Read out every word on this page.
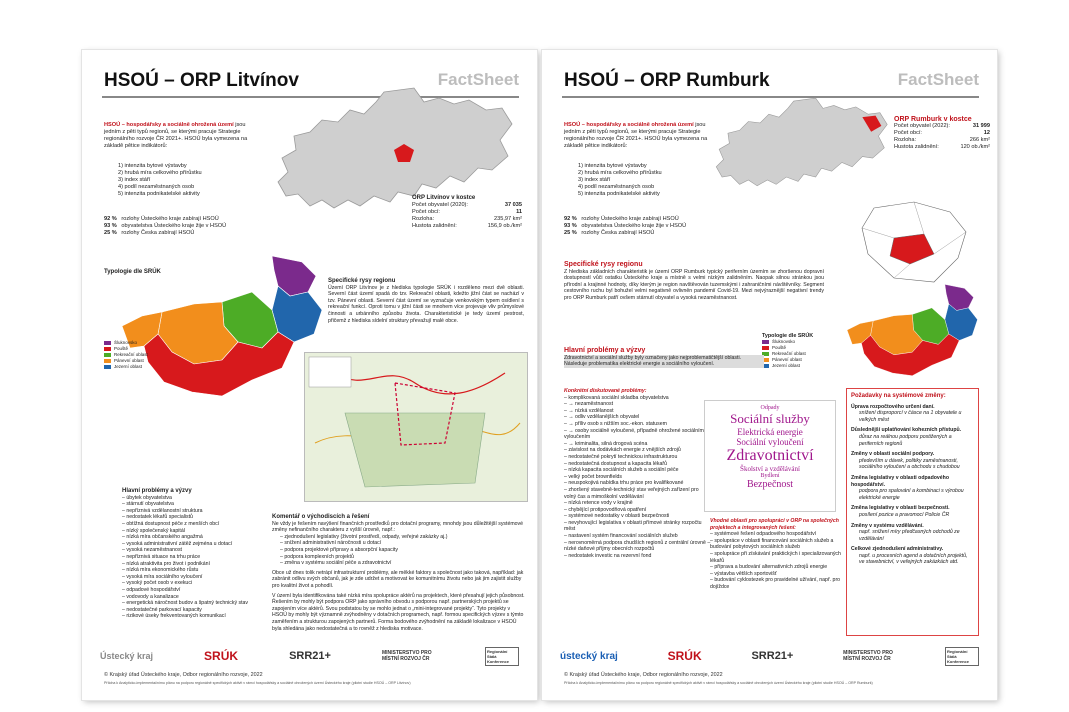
HSOÚ – ORP Litvínov	FactSheet
HSOÚ – hospodářsky a sociálně ohrožená území jsou jedním z pěti typů regionů, se kterými pracuje Strategie regionálního rozvoje ČR 2021+. HSOÚ byla vymezena na základě pětice indikátorů:
1) intenzita bytové výstavby
2) hrubá míra celkového přírůstku
3) index stáří
4) podíl nezaměstnaných osob
5) intenzita podnikatelské aktivity
92 % rozlohy Ústeckého kraje zabírají HSOÚ
93 % obyvatelstva Ústeckého kraje žije v HSOÚ
25 % rozlohy Česka zabírají HSOÚ
ORP Litvínov v kostce
Počet obyvatel (2020):	37 035
Počet obcí:	11
Rozloha:	235,97 km²
Hustota zalidnění:	156,9 ob./km²
Typologie dle SRÚK
Šluknovsko
Pouště
Rekreační oblast
Pánevní oblast
Jezerní oblast
Specifické rysy regionu
Území ORP Litvínov je z hlediska typologie SRÚK i rozděleno mezi dvě oblasti. Severní část území spadá do tzv. Rekreační oblasti, kdežto jižní část se nachází v tzv. Pánevní oblasti. Severní část území se vyznačuje venkovským typem osídlení s rekreační funkcí. Oproti tomu v jižní části se mnohem více projevuje vliv průmyslové činnosti a urbánního způsobu života. Charakteristické je tedy území pestrost, přičemž z hlediska sídelní struktury převažují malé obce.
Hlavní problémy a výzvy
– úbytek obyvatelstva
– stárnutí obyvatelstva
– nepříznivá vzdělanostní struktura
– nedostatek lékařů specialistů
– obtížná dostupnost péče z menších obcí
– nízký společenský kapitál
– nízká míra občanského angažmá
– vysoká administrativní zátěž zejména u dotací
– vysoká nezaměstnanost
– nepříznivá situace na trhu práce
– nízká atraktivita pro život i podnikání
– nízká míra ekonomického růstu
– vysoká míra sociálního vyloučení
– vysoký počet osob v exekuci
– odpadové hospodářství
– vodovody a kanalizace
– energetická náročnost budov a špatný technický stav
– nedostatečné parkovací kapacity
– rizikové úseky frekventovaných komunikací
Komentář o východiscích a řešení
Ne vždy je řešením navýšení finančních prostředků pro dotační programy, mnohdy jsou důležitější systémové změny nefinančního charakteru z vyšší úrovně, např.:
– zjednodušení legislativy (životní prostředí, odpady, veřejné zakázky aj.)
– snížení administrativní náročnosti u dotací
– podpora projektové přípravy a absorpční kapacity
– podpora komplexních projektů
– změna v systému sociální péče a zdravotnictví
Obce už dnes tolik netrápí infrastrukturní problémy, ale měkké faktory a společnost jako taková, například: jak zabránit odlivu svých občanů, jak je zde udržet a motivovat ke komunitnímu životu nebo jak jim zajistit služby pro kvalitní život a pohodlí.
V území byla identifikována také nízká míra spolupráce aktérů na projektech, které přesahují jejich působnost. Řešením by mohly být podpora ORP jako správního obvodu s podporou např. partnerských projektů se zapojením více aktérů. Svou podstatou by se mohlo jednat o „mini-integrované projekty“. Tyto projekty v HSOÚ by mohly být významně zvýhodněny v dotačních programech, např. formou specifických výzev s týmto zaměřením a strukturou zapojených partnerů. Forma bodového zvýhodnění na základě lokalizace v HSOÚ byla shledána jako nedostatečná a to rovněž z hlediska motivace.
Ústecký kraj	SRÚK	SRR21+	MINISTERSTVO PRO MÍSTNÍ ROZVOJ ČR
Regionální Stálá Konference
© Krajský úřad Ústeckého kraje, Odbor regionálního rozvoje, 2022
Příloha k Analyticko-implementačnímu plánu na podporu regionálně specifických aktivit v rámci hospodářsky a sociálně ohrožených území Ústeckého kraje (pilotní studie HSOÚ – ORP Litvínov)
HSOÚ – ORP Rumburk	FactSheet
HSOÚ – hospodářsky a sociálně ohrožená území jsou jedním z pěti typů regionů, se kterými pracuje Strategie regionálního rozvoje ČR 2021+. HSOÚ byla vymezena na základě pětice indikátorů:
1) intenzita bytové výstavby
2) hrubá míra celkového přírůstku
3) index stáří
4) podíl nezaměstnaných osob
5) intenzita podnikatelské aktivity
92 % rozlohy Ústeckého kraje zabírají HSOÚ
93 % obyvatelstva Ústeckého kraje žije v HSOÚ
25 % rozlohy Česka zabírají HSOÚ
ORP Rumburk v kostce
Počet obyvatel (2022):	31 999
Počet obcí:	12
Rozloha:	266 km²
Hustota zalidnění:	120 ob./km²
Specifické rysy regionu
Z hlediska základních charakteristik je území ORP Rumburk typický periferním územím se zhoršenou dopravní dostupností vůči ostatku Ústeckého kraje a místně s velmi nízkým zalidněním. Naopak silnou stránkou jsou přírodní a krajinné hodnoty, díky kterým je region navštěvován tuzemskými i zahraničními návštěvníky. Segment cestovního ruchu byl bohužel velmi negativně ovlivněn pandemií Covid-19. Mezi nejvýraznější negativní trendy pro ORP Rumburk patří ovšem stárnutí obyvatel a vysoká nezaměstnanost.
Typologie dle SRÚK
Šluknovsko
Pouště
Rekreační oblast
Pánevní oblast
Jezerní oblast
Hlavní problémy a výzvy
Zdravotnictví a sociální služby byly označeny jako nejproblematičtější oblasti. Následuje problematika elektrické energie a sociálního vyloučení.
Konkrétní diskutované problémy:
– komplikovaná sociální skladba obyvatelstva
– → nezaměstnanost
– → nízká vzdělanost
– → odliv vzdělanějších obyvatel
– → příliv osob s nižším soc.-ekon. statusem
– → osoby sociálně vyloučené, případně ohrožené sociálním vyloučením
– → kriminalita, silná drogová scéna
– závislost na dodávkách energie z vnějších zdrojů
– nedostatečné pokrytí technickou infrastrukturou
– nedostatečná dostupnost a kapacita lékařů
– nízká kapacita sociálních služeb a sociální péče
– velký počet brownfields
– neuspokojivá nabídka trhu práce pro kvalifikované
– zhoršený stavebně-technický stav veřejných zařízení pro volný čas a mimoškolní vzdělávání
– nízká retence vody v krajině
– chybějící protipovodňová opatření
– systémové nedostatky v oblasti bezpečnosti
– nevyhovující legislativa v oblasti přímové stránky rozpočtu měst
– nastavení systém financování sociálních služeb
– nerovnoměrná podpora chudších regionů z centrální úrovně – nízké daňové příjmy obecních rozpočtů
– nedostatek investic na rezervní fond
Odpady
Sociální služby
Elektrická energie
Sociální vyloučení
Zdravotnictví
Školství a vzdělávání
Bydlení
Bezpečnost
Vhodné oblasti pro spolupráci v ORP na společných projektech a integrovaných řešení:
– systémové řešení odpadového hospodářství
– spolupráce v oblasti financování sociálních služeb a budování pobytových sociálních služeb
– spolupráce při získávání praktických i specializovaných lékařů
– příprava a budování alternativních zdrojů energie
– výstavba větších sportovišť
– budování cyklostezek pro pravidelné užívání, např. pro dojíždce
Požadavky na systémové změny:
Úprava rozpočtového určení daní.
snížení disproporcí v čásce na 1 obyvatele u velkých měst
Důslednější uplatňování kohezních přístupů.
důraz na reálnou podporu postižených a periferních regionů
Změny v oblasti sociální podpory.
především u dávek, politiky zaměstnanosti, sociálního vyloučení a obchodu s chudobou
Změna legislativy v oblasti odpadového hospodářství.
podpora pro spalování a kombinaci s výrobou elektrické energie
Změna legislativy v oblasti bezpečnosti.
posílení pozice a pravomocí Policie ČR
Změny v systému vzdělávání.
např. snížení míry předčasných odchodů ze vzdělávání
Celkové zjednodušení administrativy.
např. u procesních agend a dotačních projektů, ve stavebnictví, v veřejných zakázkách atd.
ústecký kraj	SRÚK	SRR21+	MINISTERSTVO PRO MÍSTNÍ ROZVOJ ČR
Regionální Stálá Konference
© Krajský úřad Ústeckého kraje, Odbor regionálního rozvoje, 2022
Příloha k Analyticko-implementačnímu plánu na podporu regionálně specifických aktivit v rámci hospodářsky a sociálně ohrožených území Ústeckého kraje (pilotní studie HSOÚ – ORP Rumburk)
